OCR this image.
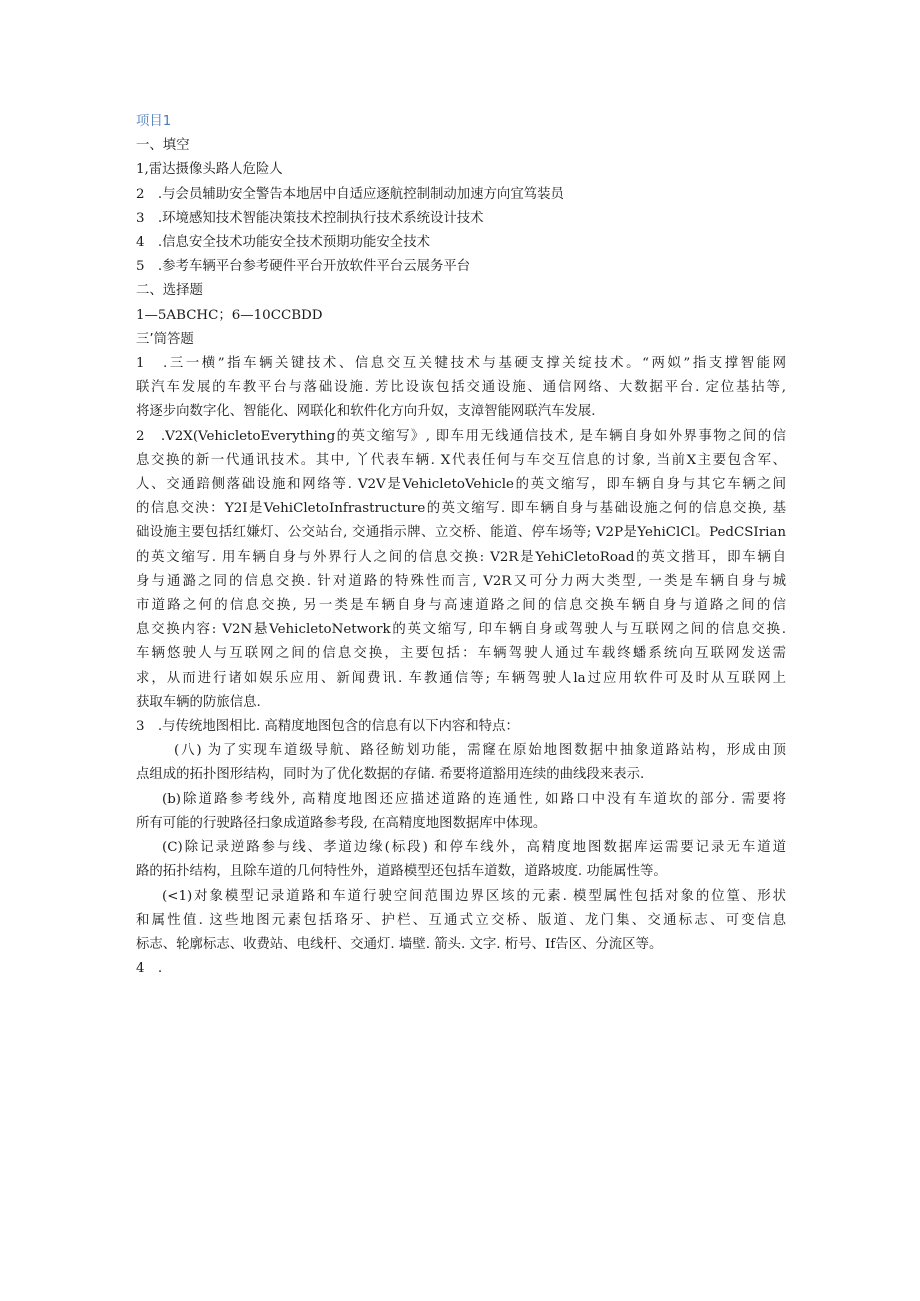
项目1
一、填空
1,雷达摄像头路人危险人
2　.与会员辅助安全警告本地居中自适应逐航控制制动加速方向宜笃装员
3　.环境感知技术智能决策技术控制执行技术系统设计技术
4　.信息安全技术功能安全技术预期功能安全技术
5　.参考车辆平台参考硬件平台开放软件平台云展务平台
二、选择题
1—5ABCHC；6—10CCBDD
三’筒答题
1　.三一横”指车辆关键技术、信息交互关犍技术与基硬支撑关绽技术。“两姒”指支撑智能网
联汽车发展的车教平台与落础设施. 芳比设诙包括交通设施、通信网络、大数据平台. 定位基拈等,
将逐步向数字化、智能化、网联化和软件化方向升奴，支漳智能网联汽车发展.
2　.V2X(VehicletoEverything的英文缩写》, 即车用无线通信技术, 是车辆自身如外界事物之间的信
息交换的新一代通讯技术。其中, 丫代表车辆. X代表任何与车交互信息的讨象, 当前X主要包含军、
人、交通踣侧落础设施和网络等. V2V是VehicletoVehicle的英文缩写，即车辆自身与其它车辆之间
的信息交泱：Y2I是VehiCletoInfrastructure的英文缩写. 即车辆自身与基础设施之何的信息交换, 基
础设施主要包括红嫌灯、公交站台, 交通指示牌、立交桥、能道、停车场等; V2P是YehiClCl。PedCSIrian
的英文缩写. 用车辆自身与外界行人之间的信息交换: V2R是YehiCletoRoad的英文揩耳，即车辆自
身与通潞之同的信息交换. 针对道路的特殊性而言, V2R又可分力两大类型, 一类是车辆自身与城
市道路之何的信息交换, 另一类是车辆自身与高速道路之间的信息交换车辆自身与道路之间的信
息交换内容: V2N悬VehicletoNetwork的英文缩写, 印车辆自身或驾驶人与互联网之间的信息交换.
车辆悠驶人与互联网之间的信息交换，主要包括：车辆驾驶人通过车载终蟠系统向互联网发送需
求，从而进行诸如娱乐应用、新闻费讯. 车教通信等; 车辆驾驶人la过应用软件可及时从互联网上
获取车辆的防旅信息.
3　.与传统地图相比. 高精度地图包含的信息有以下内容和特点：
(八) 为了实现车道级导航、路径鲂划功能，需窿在原始地图数据中抽象道路站构，形成由顶
点组成的拓扑图形结构，同时为了优化数据的存储. 希要将道豁用连续的曲线段来表示.
(b)除道路参考线外, 高精度地图还应描述道路的连通性, 如路口中没有车道坎的部分. 需要将
所有可能的行驶路径扫象成道路参考段, 在高精度地图数据库中体现。
(C)除记录逆路参与线、孝道边缘(标段) 和停车线外，高精度地图数据库运需要记录无车道道
路的拓扑结构，且除车道的几何特性外，道路模型还包括车道数，道路坡度. 功能属性等。
(<1)对象模型记录道路和车道行驶空间范围边界区垓的元素. 模型属性包括对象的位篁、形状
和属性值. 这些地图元素包括珞牙、护栏、互通式立交桥、版道、龙门集、交通标志、可变信息
标志、轮廓标志、收费站、电线杆、交通灯. 墙壁. 箭头. 文字. 桁号、If告区、分流区等。
4　.
